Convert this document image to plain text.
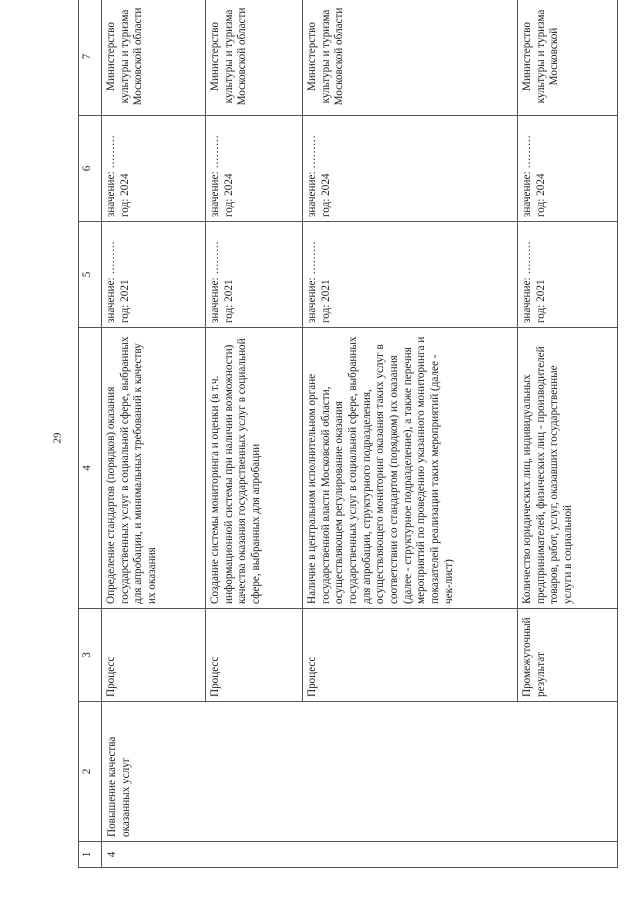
29
1	2	3	4	5	6	7
4	Повышение качества оказанных услуг	Процесс	Определение стандартов (порядков) оказания государственных услуг в социальной сфере, выбранных для апробации, и минимальных требований к качеству их оказания	значение: ……… год: 2021	значение: ……… год: 2024	Министерство культуры и туризма Московской области
		Процесс	Создание системы мониторинга и оценки (в т.ч. информационной системы при наличии возможности) качества оказания государственных услуг в социальной сфере, выбранных для апробации	значение: ……… год: 2021	значение: ……… год: 2024	Министерство культуры и туризма Московской области
		Процесс	Наличие в центральном исполнительном органе государственной власти Московской области, осуществляющем регулирование оказания государственных услуг в социальной сфере, выбранных для апробации, структурного подразделения, осуществляющего мониторинг оказания таких услуг в соответствии со стандартом (порядком) их оказания (далее - структурное подразделение), а также перечня мероприятий по проведению указанного мониторинга и показателей реализации таких мероприятий (далее - чек-лист)	значение: ……… год: 2021	значение: ……… год: 2024	Министерство культуры и туризма Московской области
		Промежуточный результат	Количество юридических лиц, индивидуальных предпринимателей, физических лиц - производителей товаров, работ, услуг, оказавших государственные услуги в социальной	значение: ……… год: 2021	значение: ……… год: 2024	Министерство культуры и туризма Московской
